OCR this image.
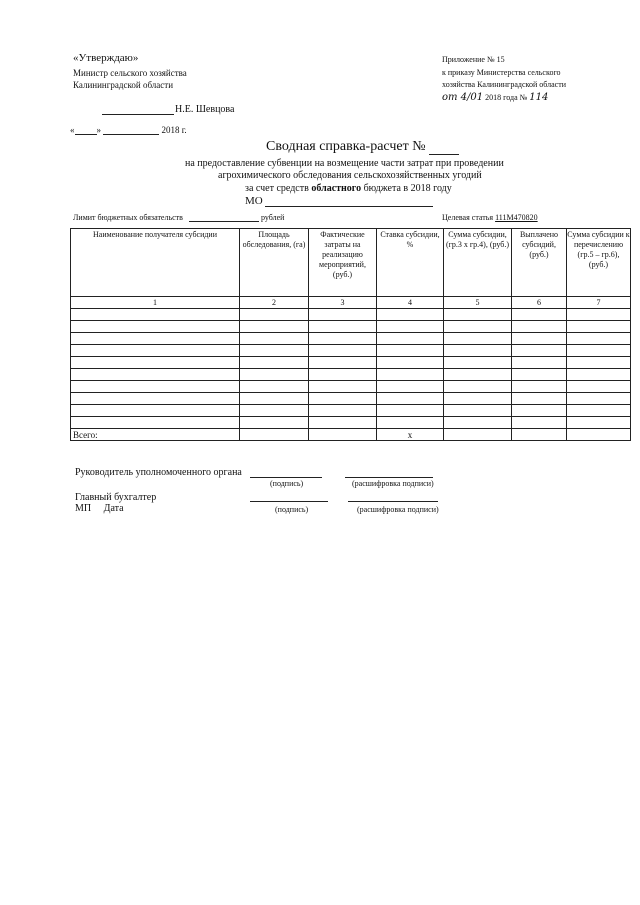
«Утверждаю»
Министр сельского хозяйства
Калининградской области
Н.Е. Шевцова
« »	2018 г.
Приложение № 15
к приказу Министерства сельского
хозяйства Калининградской области
от 4/01 2018 года № 114
Сводная справка-расчет №
на предоставление субвенции на возмещение части затрат при проведении
агрохимического обследования сельскохозяйственных угодий
за счет средств областного бюджета в 2018 году
МО
Лимит бюджетных обязательств	рублей	Целевая статья 111М470820
Наименование получателя субсидии	Площадь обследования, (га)	Фактические затраты на реализацию мероприятий, (руб.)	Ставка субсидии, %	Сумма субсидии, (гр.3 х гр.4), (руб.)	Выплачено субсидий, (руб.)	Сумма субсидии к перечислению (гр.5 – гр.6), (руб.)
1	2	3	4	5	6	7

Всего:			х			
Руководитель уполномоченного органа
(подпись)	(расшифровка подписи)
Главный бухгалтер
МП Дата	(подпись)	(расшифровка подписи)
